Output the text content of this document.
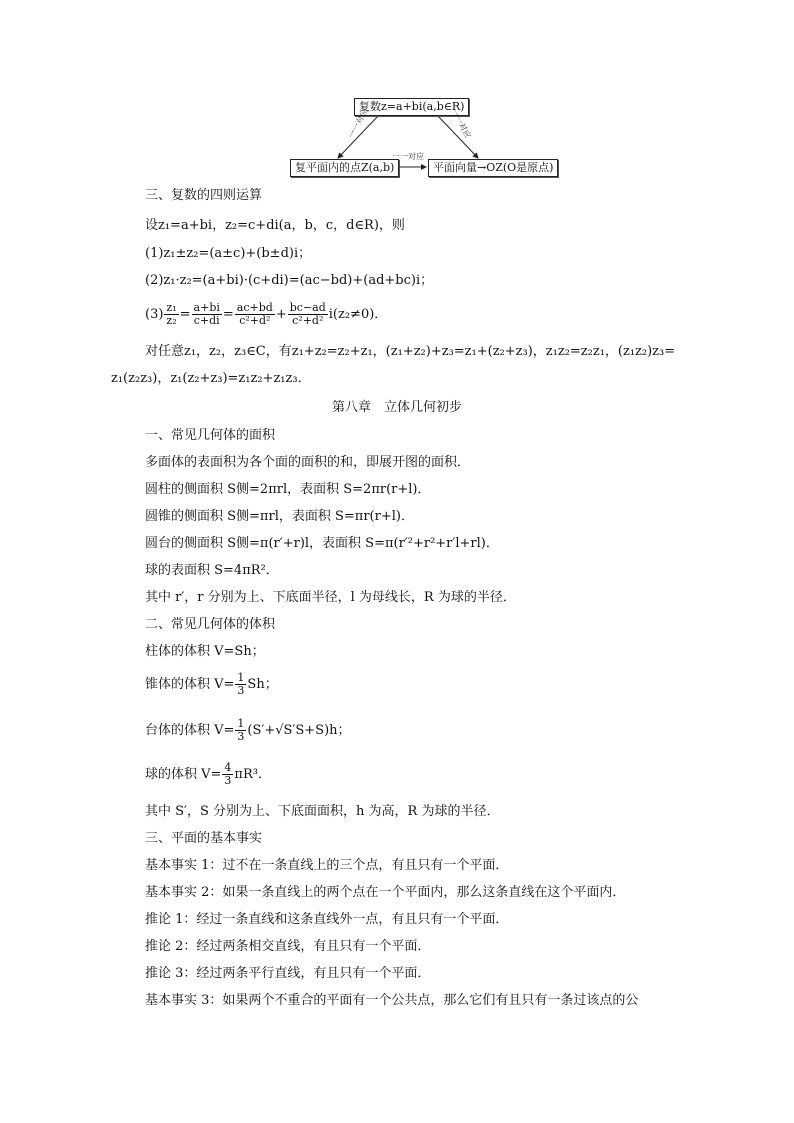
复数z=a+bi(a,b∈R)
复平面内的点Z(a,b)	平面向量→OZ(O是原点)
一一对应	一一对应
一一对应
三、复数的四则运算
设z₁=a+bi，z₂=c+di(a，b，c，d∈R)，则
(1)z₁±z₂=(a±c)+(b±d)i；
(2)z₁·z₂=(a+bi)·(c+di)=(ac−bd)+(ad+bc)i；
$(3) \frac{\text{z₁}}{\text{z₂}} = \frac{a+bi}{c+di} = \frac{ac+bd}{\text{c²+d²}} + \frac{bc-ad}{\text{c²+d²}} i(z_2\ne 0)$．
对任意z₁，z₂，z₃∈C，有z₁+z₂=z₂+z₁，(z₁+z₂)+z₃=z₁+(z₂+z₃)，z₁z₂=z₂z₁，(z₁z₂)z₃=
z₁(z₂z₃)，z₁(z₂+z₃)=z₁z₂+z₁z₃．
第八章　立体几何初步
一、常见几何体的面积
多面体的表面积为各个面的面积的和，即展开图的面积．
圆柱的侧面积 S侧=2πrl，表面积 S=2πr(r+l)．
圆锥的侧面积 S侧=πrl，表面积 S=πr(r+l)．
圆台的侧面积 S侧=π(r′+r)l，表面积 S=π(r′²+r²+r′l+rl)．
球的表面积 S=4πR²．
其中 r′，r 分别为上、下底面半径，l 为母线长，R 为球的半径．
二、常见几何体的体积
柱体的体积 V=Sh；
锥体的体积 $V= \frac{1}{3}$ Sh；
台体的体积 $V= \frac{1}{3} (S'+√S'S+S)h$；
球的体积 $V= \frac{4}{3} \pi R^3$．
其中 S′，S 分别为上、下底面面积，h 为高，R 为球的半径．
三、平面的基本事实
基本事实 1：过不在一条直线上的三个点，有且只有一个平面．
基本事实 2：如果一条直线上的两个点在一个平面内，那么这条直线在这个平面内．
推论 1：经过一条直线和这条直线外一点，有且只有一个平面．
推论 2：经过两条相交直线，有且只有一个平面．
推论 3：经过两条平行直线，有且只有一个平面．
基本事实 3：如果两个不重合的平面有一个公共点，那么它们有且只有一条过该点的公
